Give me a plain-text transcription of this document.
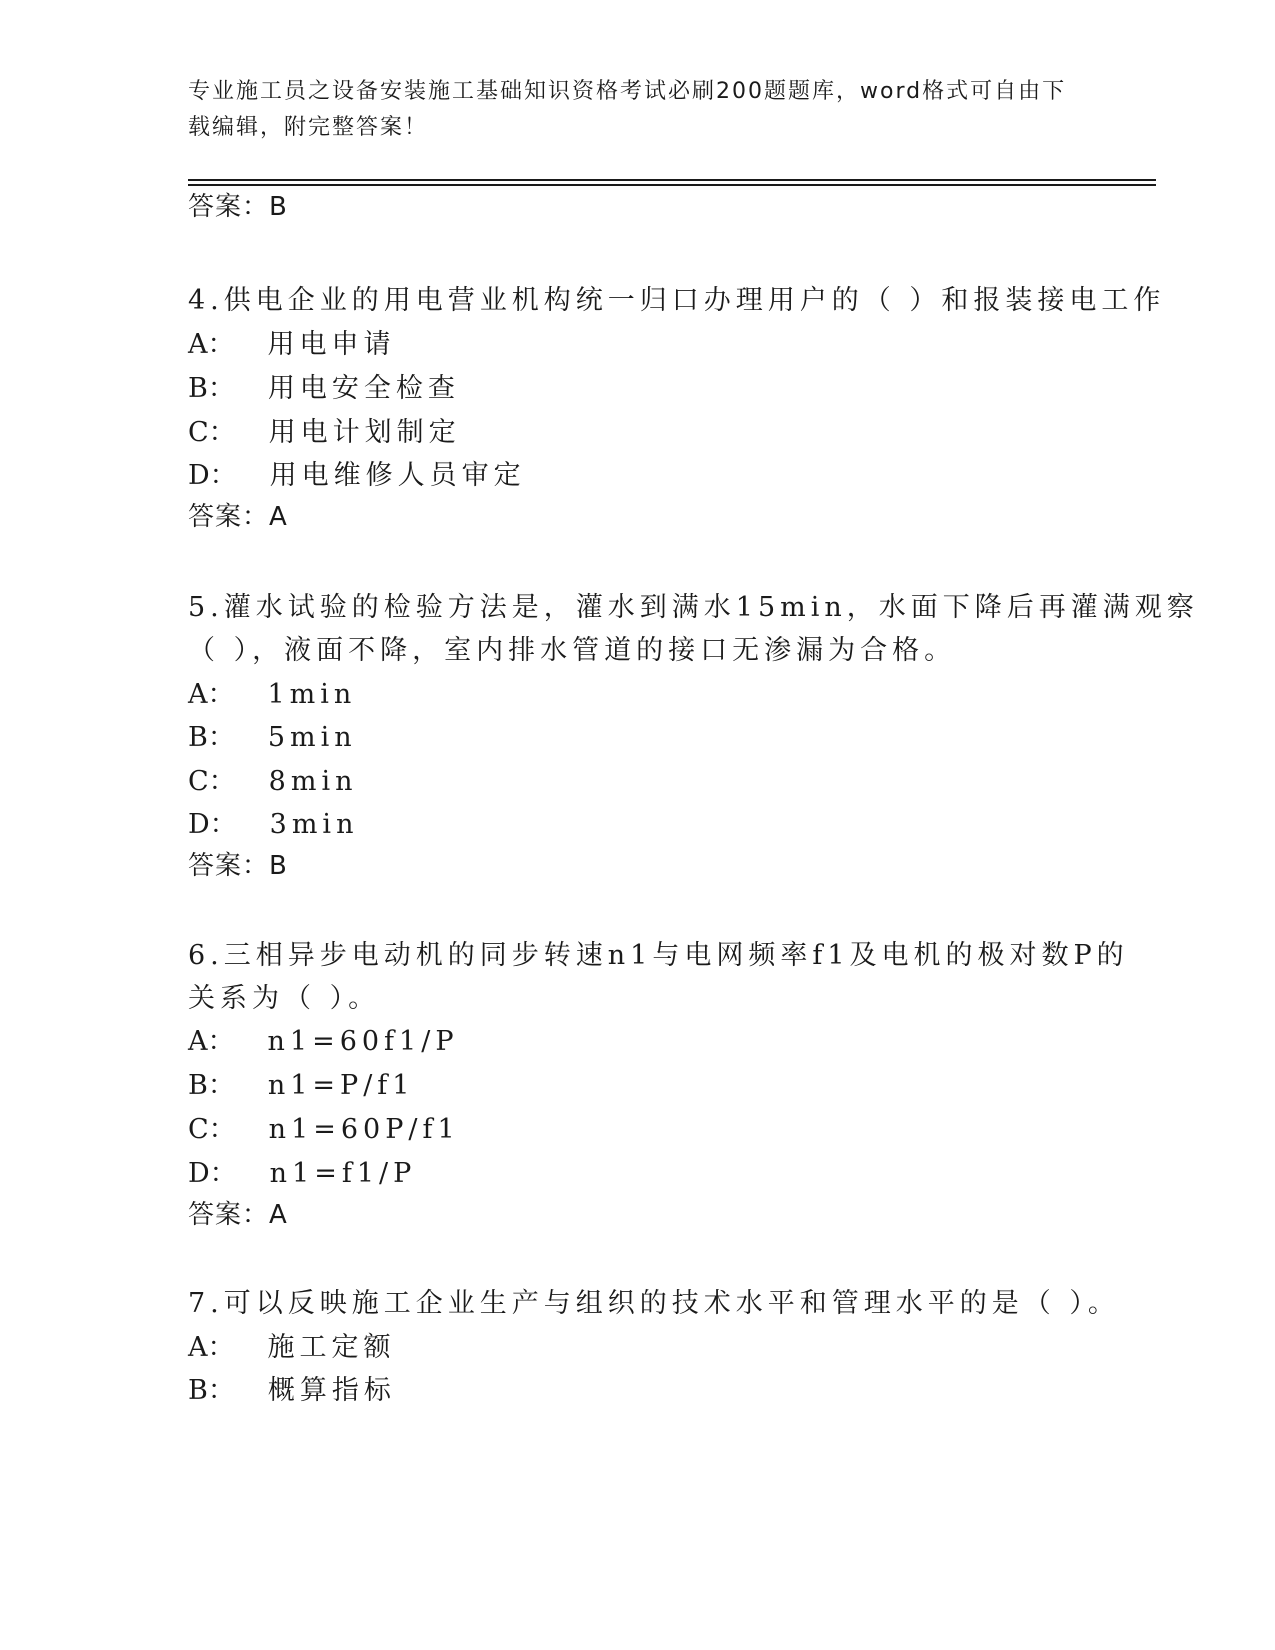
专业施工员之设备安装施工基础知识资格考试必刷200题题库，word格式可自由下载编辑，附完整答案！

答案：B
4.供电企业的用电营业机构统一归口办理用户的（ ）和报装接电工作
A： 用电申请
B： 用电安全检查
C： 用电计划制定
D： 用电维修人员审定
答案：A
5.灌水试验的检验方法是，灌水到满水15min，水面下降后再灌满观察
（ ），液面不降，室内排水管道的接口无渗漏为合格。
A： 1min
B： 5min
C： 8min
D： 3min
答案：B
6.三相异步电动机的同步转速n1与电网频率f1及电机的极对数P的
关系为（ ）。
A： n1=60f1/P
B： n1=P/f1
C： n1=60P/f1
D： n1=f1/P
答案：A
7.可以反映施工企业生产与组织的技术水平和管理水平的是（ ）。
A： 施工定额
B： 概算指标
